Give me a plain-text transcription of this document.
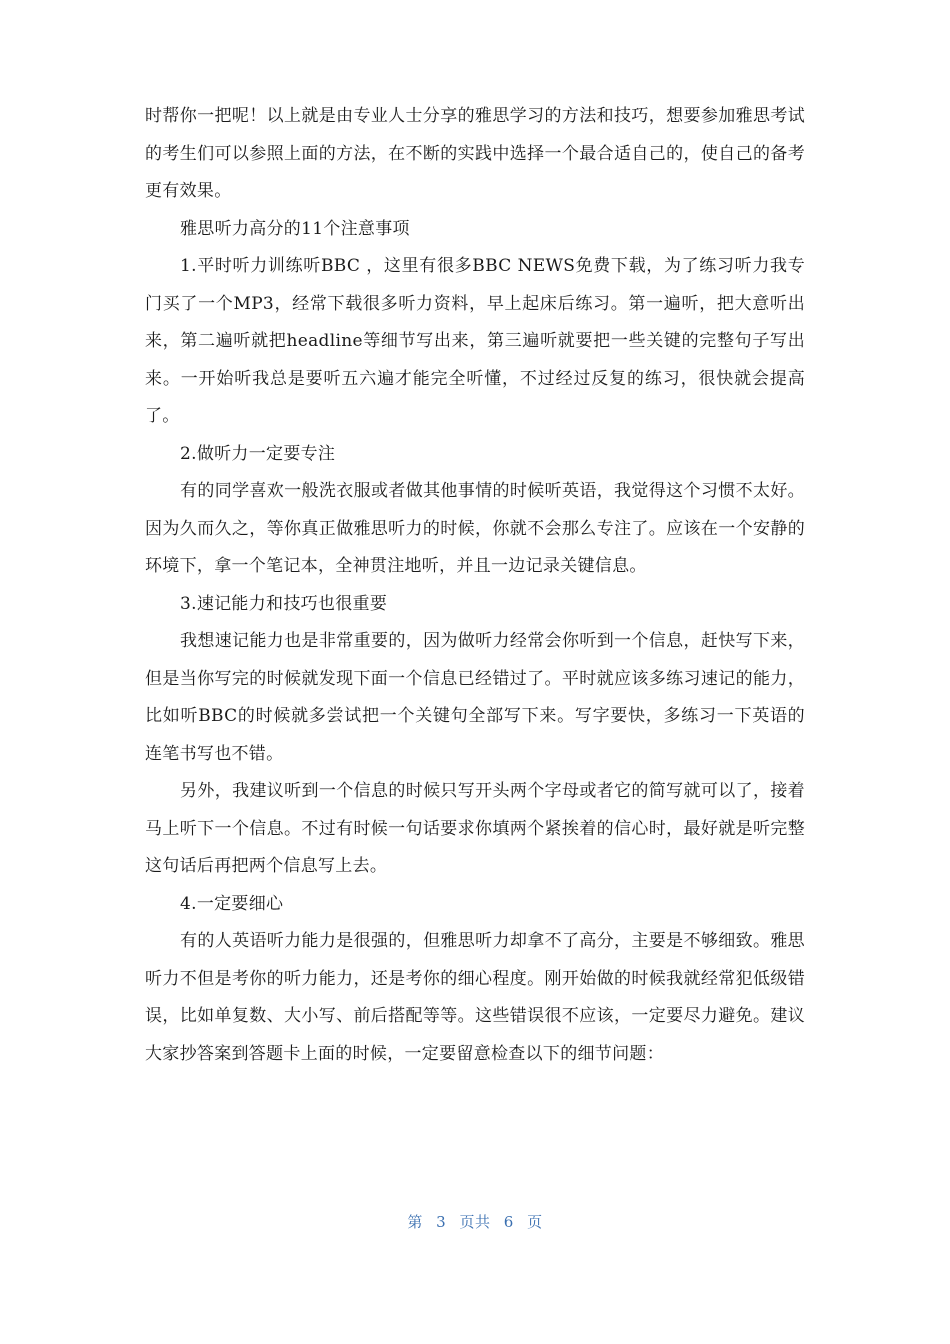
时帮你一把呢！以上就是由专业人士分享的雅思学习的方法和技巧，想要参加雅思考试的考生们可以参照上面的方法，在不断的实践中选择一个最合适自己的，使自己的备考更有效果。

雅思听力高分的11个注意事项

1.平时听力训练听BBC ，这里有很多BBC NEWS免费下载，为了练习听力我专门买了一个MP3，经常下载很多听力资料，早上起床后练习。第一遍听，把大意听出来，第二遍听就把headline等细节写出来，第三遍听就要把一些关键的完整句子写出来。一开始听我总是要听五六遍才能完全听懂，不过经过反复的练习，很快就会提高了。

2.做听力一定要专注

有的同学喜欢一般洗衣服或者做其他事情的时候听英语，我觉得这个习惯不太好。因为久而久之，等你真正做雅思听力的时候，你就不会那么专注了。应该在一个安静的环境下，拿一个笔记本，全神贯注地听，并且一边记录关键信息。

3.速记能力和技巧也很重要

我想速记能力也是非常重要的，因为做听力经常会你听到一个信息，赶快写下来，但是当你写完的时候就发现下面一个信息已经错过了。平时就应该多练习速记的能力，比如听BBC的时候就多尝试把一个关键句全部写下来。写字要快，多练习一下英语的连笔书写也不错。

另外，我建议听到一个信息的时候只写开头两个字母或者它的简写就可以了，接着马上听下一个信息。不过有时候一句话要求你填两个紧挨着的信心时，最好就是听完整这句话后再把两个信息写上去。

4.一定要细心

有的人英语听力能力是很强的，但雅思听力却拿不了高分，主要是不够细致。雅思听力不但是考你的听力能力，还是考你的细心程度。刚开始做的时候我就经常犯低级错误，比如单复数、大小写、前后搭配等等。这些错误很不应该，一定要尽力避免。建议大家抄答案到答题卡上面的时候，一定要留意检查以下的细节问题：

第 3 页共 6 页
